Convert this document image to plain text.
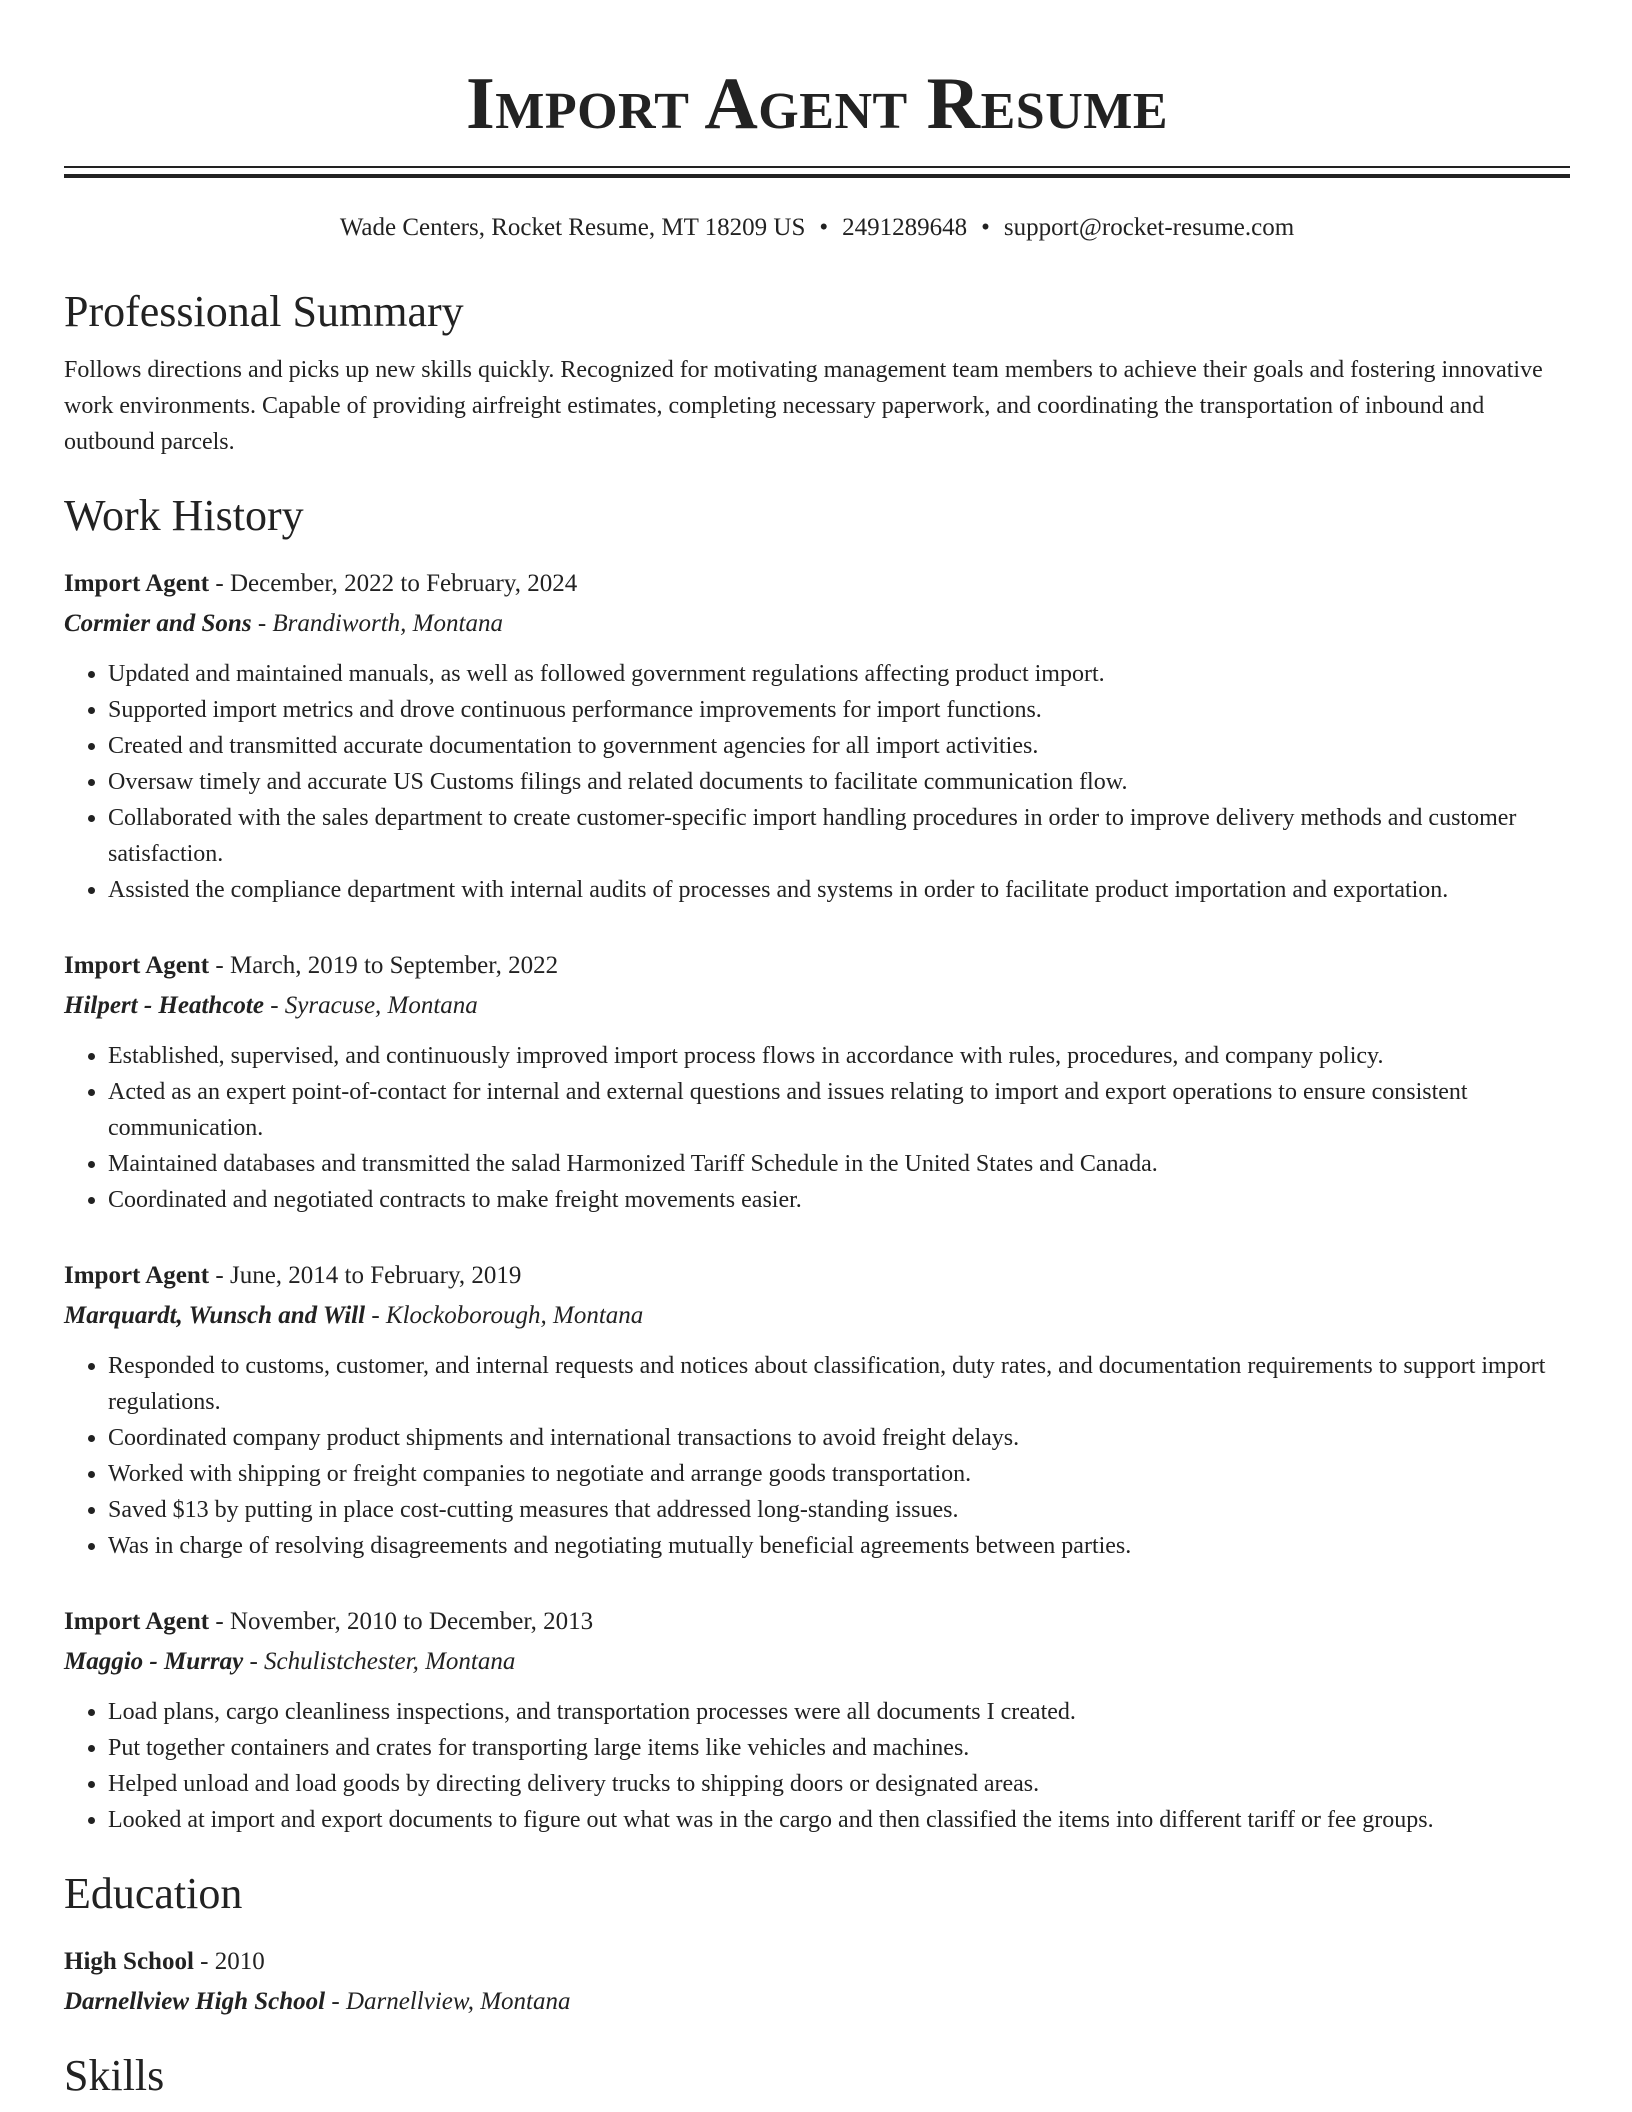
Import Agent Resume
Wade Centers, Rocket Resume, MT 18209 US • 2491289648 • support@rocket-resume.com
Professional Summary
Follows directions and picks up new skills quickly. Recognized for motivating management team members to achieve their goals and fostering innovative work environments. Capable of providing airfreight estimates, completing necessary paperwork, and coordinating the transportation of inbound and outbound parcels.
Work History
Import Agent - December, 2022 to February, 2024
Cormier and Sons - Brandiworth, Montana
• Updated and maintained manuals, as well as followed government regulations affecting product import.
• Supported import metrics and drove continuous performance improvements for import functions.
• Created and transmitted accurate documentation to government agencies for all import activities.
• Oversaw timely and accurate US Customs filings and related documents to facilitate communication flow.
• Collaborated with the sales department to create customer-specific import handling procedures in order to improve delivery methods and customer satisfaction.
• Assisted the compliance department with internal audits of processes and systems in order to facilitate product importation and exportation.
Import Agent - March, 2019 to September, 2022
Hilpert - Heathcote - Syracuse, Montana
• Established, supervised, and continuously improved import process flows in accordance with rules, procedures, and company policy.
• Acted as an expert point-of-contact for internal and external questions and issues relating to import and export operations to ensure consistent communication.
• Maintained databases and transmitted the salad Harmonized Tariff Schedule in the United States and Canada.
• Coordinated and negotiated contracts to make freight movements easier.
Import Agent - June, 2014 to February, 2019
Marquardt, Wunsch and Will - Klockoborough, Montana
• Responded to customs, customer, and internal requests and notices about classification, duty rates, and documentation requirements to support import regulations.
• Coordinated company product shipments and international transactions to avoid freight delays.
• Worked with shipping or freight companies to negotiate and arrange goods transportation.
• Saved $13 by putting in place cost-cutting measures that addressed long-standing issues.
• Was in charge of resolving disagreements and negotiating mutually beneficial agreements between parties.
Import Agent - November, 2010 to December, 2013
Maggio - Murray - Schulistchester, Montana
• Load plans, cargo cleanliness inspections, and transportation processes were all documents I created.
• Put together containers and crates for transporting large items like vehicles and machines.
• Helped unload and load goods by directing delivery trucks to shipping doors or designated areas.
• Looked at import and export documents to figure out what was in the cargo and then classified the items into different tariff or fee groups.
Education
High School - 2010
Darnellview High School - Darnellview, Montana
Skills
